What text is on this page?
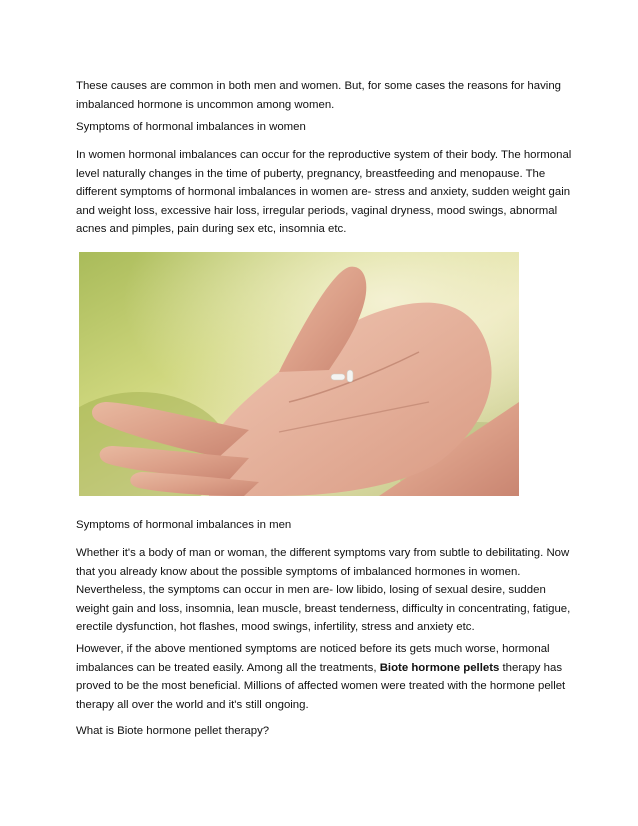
These causes are common in both men and women. But, for some cases the reasons for having imbalanced hormone is uncommon among women.

Symptoms of hormonal imbalances in women

In women hormonal imbalances can occur for the reproductive system of their body. The hormonal level naturally changes in the time of puberty, pregnancy, breastfeeding and menopause. The different symptoms of hormonal imbalances in women are- stress and anxiety, sudden weight gain and weight loss, excessive hair loss, irregular periods, vaginal dryness, mood swings, abnormal acnes and pimples, pain during sex etc, insomnia etc.

Symptoms of hormonal imbalances in men

Whether it's a body of man or woman, the different symptoms vary from subtle to debilitating. Now that you already know about the possible symptoms of imbalanced hormones in women. Nevertheless, the symptoms can occur in men are- low libido, losing of sexual desire, sudden weight gain and loss, insomnia, lean muscle, breast tenderness, difficulty in concentrating, fatigue, erectile dysfunction, hot flashes, mood swings, infertility, stress and anxiety etc.

However, if the above mentioned symptoms are noticed before its gets much worse, hormonal imbalances can be treated easily. Among all the treatments, Biote hormone pellets therapy has proved to be the most beneficial. Millions of affected women were treated with the hormone pellet therapy all over the world and it's still ongoing.

What is Biote hormone pellet therapy?
